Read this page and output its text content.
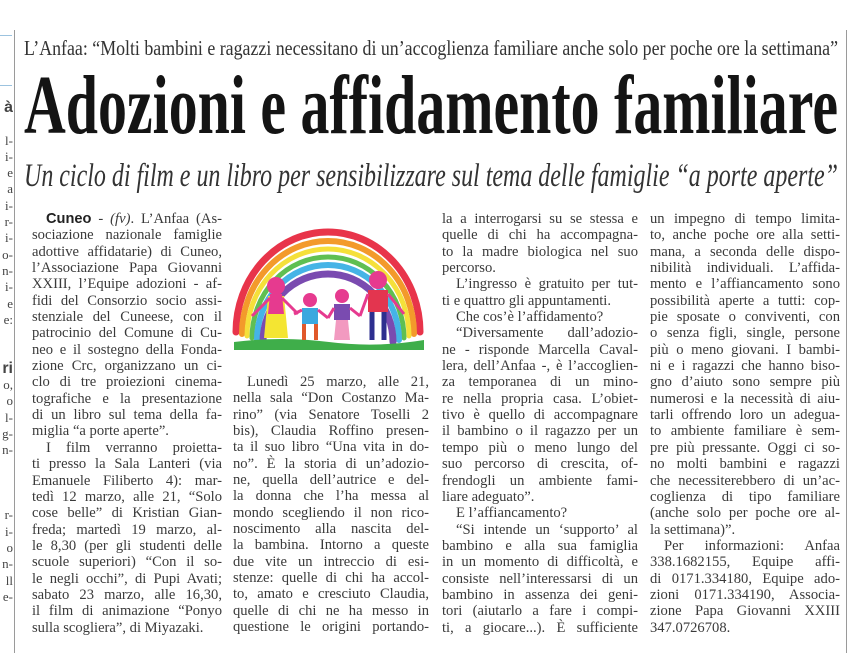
à

l-
i-
e
a
i-
r-
i-
o-
n-
i-
e
e:

ri
o,
o
l-
g-
n-

r-
i-
o
n-
ll
e-
L’Anfaa: “Molti bambini e ragazzi necessitano di un’accoglienza familiare anche solo per poche ore la settimana”
Adozioni e affidamento familiare
Un ciclo di film e un libro per sensibilizzare sul tema delle famiglie “a porte aperte”
Cuneo - (fv). L’Anfaa (As-
sociazione nazionale famiglie
adottive affidatarie) di Cuneo,
l’Associazione Papa Giovanni
XXIII, l’Equipe adozioni - af-
fidi del Consorzio socio assi-
stenziale del Cuneese, con il
patrocinio del Comune di Cu-
neo e il sostegno della Fonda-
zione Crc, organizzano un ci-
clo di tre proiezioni cinema-
tografiche e la presentazione
di un libro sul tema della fa-
miglia “a porte aperte”.
I film verranno proietta-
ti presso la Sala Lanteri (via
Emanuele Filiberto 4): mar-
tedì 12 marzo, alle 21, “Solo
cose belle” di Kristian Gian-
freda; martedì 19 marzo, al-
le 8,30 (per gli studenti delle
scuole superiori) “Con il so-
le negli occhi”, di Pupi Avati;
sabato 23 marzo, alle 16,30,
il film di animazione “Ponyo
sulla scogliera”, di Miyazaki.
Lunedì 25 marzo, alle 21,
nella sala “Don Costanzo Ma-
rino” (via Senatore Toselli 2
bis), Claudia Roffino presen-
ta il suo libro “Una vita in do-
no”. È la storia di un’adozio-
ne, quella dell’autrice e del-
la donna che l’ha messa al
mondo scegliendo il non rico-
noscimento alla nascita del-
la bambina. Intorno a queste
due vite un intreccio di esi-
stenze: quelle di chi ha accol-
to, amato e cresciuto Claudia,
quelle di chi ne ha messo in
questione le origini portando-
la a interrogarsi su se stessa e
quelle di chi ha accompagna-
to la madre biologica nel suo
percorso.
L’ingresso è gratuito per tut-
ti e quattro gli appuntamenti.
Che cos’è l’affidamento?
“Diversamente dall’adozio-
ne - risponde Marcella Caval-
lera, dell’Anfaa -, è l’accoglien-
za temporanea di un mino-
re nella propria casa. L’obiet-
tivo è quello di accompagnare
il bambino o il ragazzo per un
tempo più o meno lungo del
suo percorso di crescita, of-
frendogli un ambiente fami-
liare adeguato”.
E l’affiancamento?
“Si intende un ‘supporto’ al
bambino e alla sua famiglia
in un momento di difficoltà, e
consiste nell’interessarsi di un
bambino in assenza dei geni-
tori (aiutarlo a fare i compi-
ti, a giocare...). È sufficiente
un impegno di tempo limita-
to, anche poche ore alla setti-
mana, a seconda delle dispo-
nibilità individuali. L’affida-
mento e l’affiancamento sono
possibilità aperte a tutti: cop-
pie sposate o conviventi, con
o senza figli, single, persone
più o meno giovani. I bambi-
ni e i ragazzi che hanno biso-
gno d’aiuto sono sempre più
numerosi e la necessità di aiu-
tarli offrendo loro un adegua-
to ambiente familiare è sem-
pre più pressante. Oggi ci so-
no molti bambini e ragazzi
che necessiterebbero di un’ac-
coglienza di tipo familiare
(anche solo per poche ore al-
la settimana)”.
Per informazioni: Anfaa
338.1682155, Equipe affi-
di 0171.334180, Equipe ado-
zioni 0171.334190, Associa-
zione Papa Giovanni XXIII
347.0726708.
